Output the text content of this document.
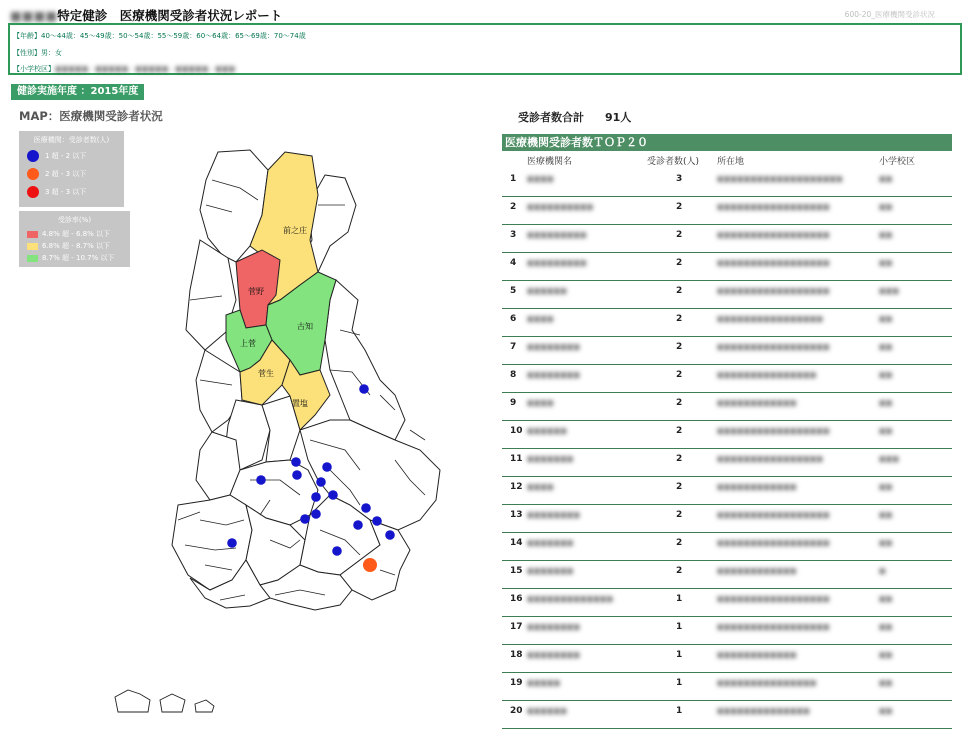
■■■■特定健診　医療機関受診者状況レポート	600-20_医療機関受診状況
【年齢】40～44歳：45～49歳：50～54歳：55～59歳：60～64歳：65～69歳：70～74歳
【性別】男：女
【小学校区】■■■■■、■■■■■、■■■■■、■■■■■、■■■
健診実施年度 ：2015年度
MAP：医療機関受診者状況
前之庄
菅野
古知
上菅
菅生
置塩
医療機関：受診者数(人)
1 超 - 2 以下
2 超 - 3 以下
3 超 - 3 以下
受診率(%)
4.8% 超 - 6.8% 以下
6.8% 超 - 8.7% 以下
8.7% 超 - 10.7% 以下
受診者数合計 91人
医療機関受診者数ＴＯＰ２０
医療機関名	受診者数(人) 所在地	小学校区
1 ■■■■	3	■■■■■■■■■■■■■■■■■■■	■■
2 ■■■■■■■■■■	2	■■■■■■■■■■■■■■■■■	■■
3 ■■■■■■■■■	2	■■■■■■■■■■■■■■■■■	■■
4 ■■■■■■■■■	2	■■■■■■■■■■■■■■■■■	■■
5 ■■■■■■	2	■■■■■■■■■■■■■■■■■	■■■
6 ■■■■	2	■■■■■■■■■■■■■■■■	■■
7 ■■■■■■■■	2	■■■■■■■■■■■■■■■■■	■■
8 ■■■■■■■■	2	■■■■■■■■■■■■■■■	■■
9 ■■■■	2	■■■■■■■■■■■■	■■
10 ■■■■■■	2	■■■■■■■■■■■■■■■■■	■■
11 ■■■■■■■	2	■■■■■■■■■■■■■■■■	■■■
12 ■■■■	2	■■■■■■■■■■■■	■■
13 ■■■■■■■■	2	■■■■■■■■■■■■■■■■■	■■
14 ■■■■■■■	2	■■■■■■■■■■■■■■■■■	■■
15 ■■■■■■■	2	■■■■■■■■■■■■	■
16 ■■■■■■■■■■■■■	1	■■■■■■■■■■■■■■■■■	■■
17 ■■■■■■■■	1	■■■■■■■■■■■■■■■■■	■■
18 ■■■■■■■■	1	■■■■■■■■■■■■	■■
19 ■■■■■	1	■■■■■■■■■■■■■■■	■■
20 ■■■■■■	1	■■■■■■■■■■■■■■	■■
